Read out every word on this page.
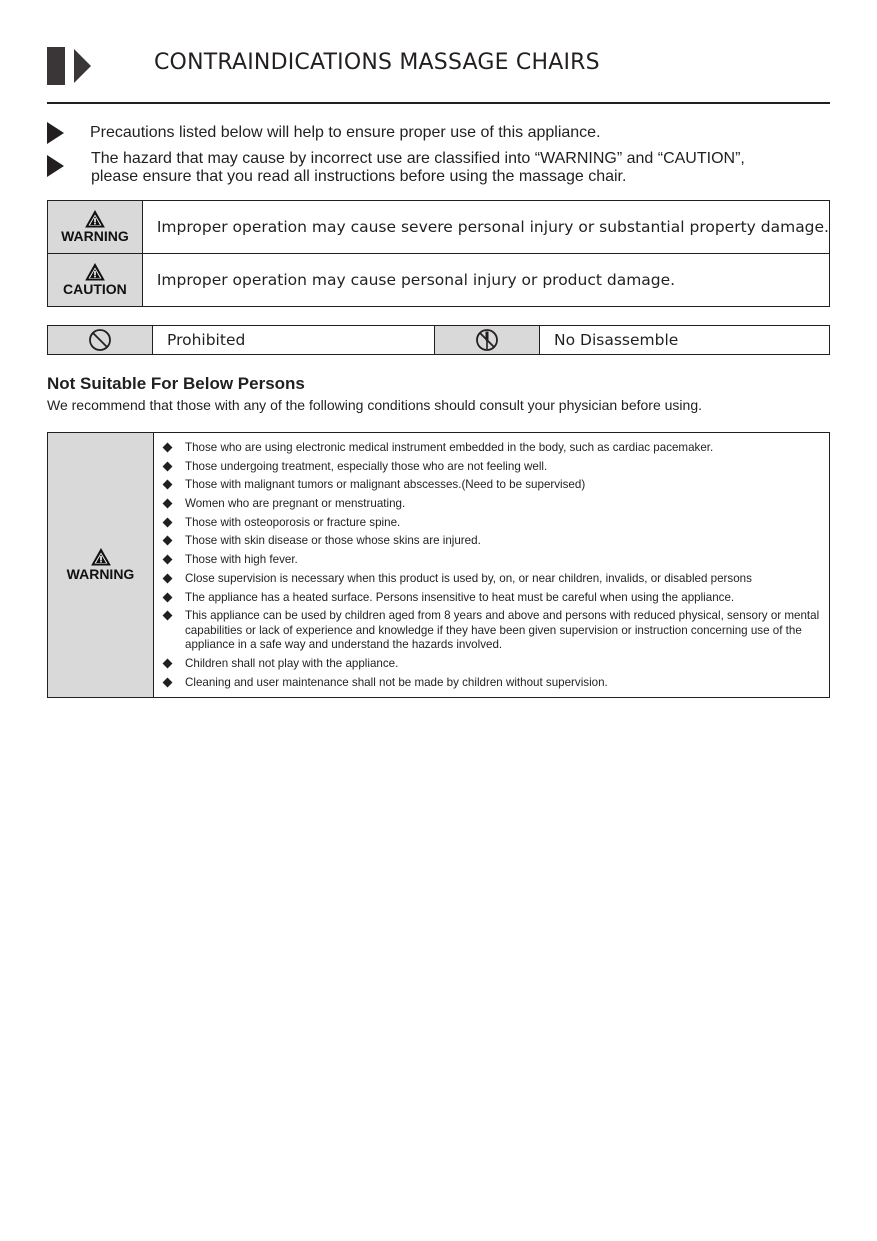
CONTRAINDICATIONS MASSAGE CHAIRS
Precautions listed below will help to ensure proper use of this appliance.
The hazard that may cause by incorrect use are classified into “WARNING” and “CAUTION”,
please ensure that you read all instructions before using the massage chair.
WARNING	Improper operation may cause severe personal injury or substantial property damage.

CAUTION	Improper operation may cause personal injury or product damage.
	Prohibited		No Disassemble
Not Suitable For Below Persons
We recommend that those with any of the following conditions should consult your physician before using.
WARNING
Those who are using electronic medical instrument embedded in the body, such as cardiac pacemaker.
Those undergoing treatment, especially those who are not feeling well.
Those with malignant tumors or malignant abscesses.(Need to be supervised)
Women who are pregnant or menstruating.
Those with osteoporosis or fracture spine.
Those with skin disease or those whose skins are injured.
Those with high fever.
Close supervision is necessary when this product is used by, on, or near children, invalids, or disabled persons
The appliance has a heated surface. Persons insensitive to heat must be careful when using the appliance.
This appliance can be used by children aged from 8 years and above and persons with reduced physical, sensory or mental capabilities or lack of experience and knowledge if they have been given supervision or instruction concerning use of the appliance in a safe way and understand the hazards involved.
Children shall not play with the appliance.
Cleaning and user maintenance shall not be made by children without supervision.
